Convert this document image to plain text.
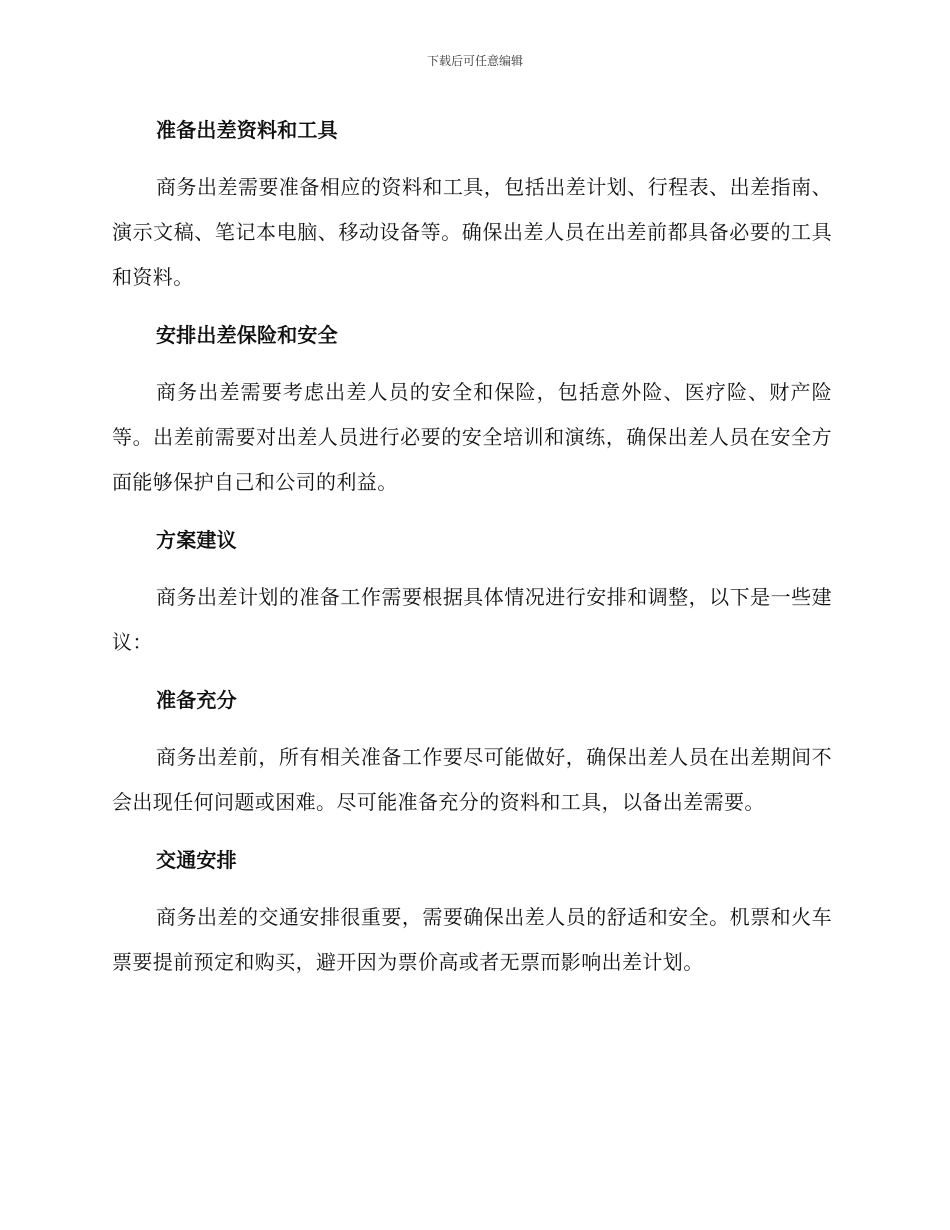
下载后可任意编辑
准备出差资料和工具

商务出差需要准备相应的资料和工具，包括出差计划、行程表、出差指南、演示文稿、笔记本电脑、移动设备等。确保出差人员在出差前都具备必要的工具和资料。

安排出差保险和安全

商务出差需要考虑出差人员的安全和保险，包括意外险、医疗险、财产险等。出差前需要对出差人员进行必要的安全培训和演练，确保出差人员在安全方面能够保护自己和公司的利益。

方案建议

商务出差计划的准备工作需要根据具体情况进行安排和调整，以下是一些建议：

准备充分

商务出差前，所有相关准备工作要尽可能做好，确保出差人员在出差期间不会出现任何问题或困难。尽可能准备充分的资料和工具，以备出差需要。

交通安排

商务出差的交通安排很重要，需要确保出差人员的舒适和安全。机票和火车票要提前预定和购买，避开因为票价高或者无票而影响出差计划。
